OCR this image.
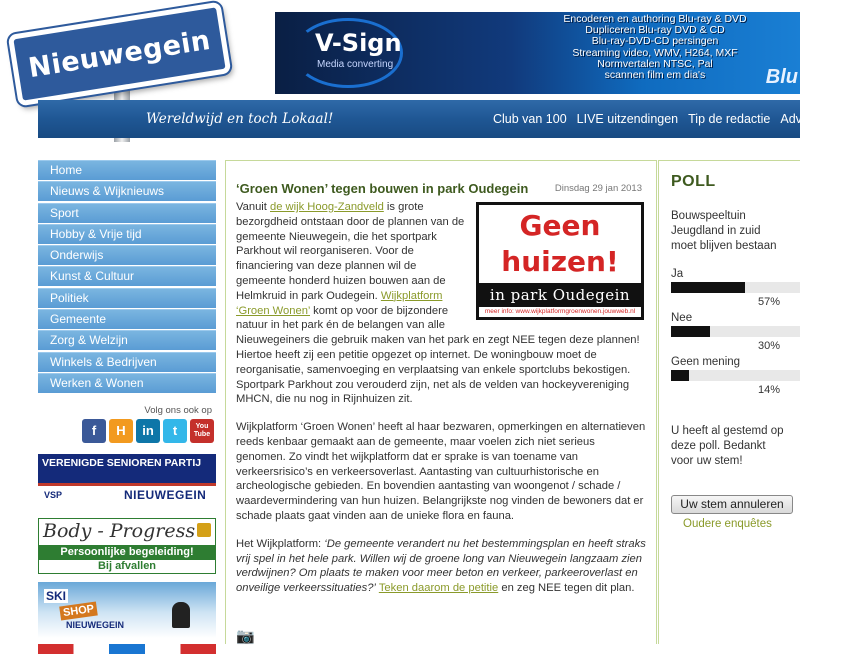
Nieuwegein	V-Sign
Media converting
Encoderen en authoring Blu-ray & DVD
Dupliceren Blu-ray DVD & CD
Blu-ray-DVD-CD persingen
Streaming video, WMV, H264, MXF
Normvertalen NTSC, Pal
scannen film em dia's	Blu
Wereldwijd en toch Lokaal!	Club van 100 LIVE uitzendingen Tip de redactie Adverteren
Home
Nieuws & Wijknieuws
Sport
Hobby & Vrije tijd
Onderwijs
Kunst & Cultuur
Politiek
Gemeente
Zorg & Welzijn
Winkels & Bedrijven
Werken & Wonen
Volg ons ook op
f	H	in	t	You Tube
VERENIGDE SENIOREN PARTIJ
VSP	NIEUWEGEIN
Body - Progress
Persoonlijke begeleiding!
Bij afvallen
SKI
SHOP
NIEUWEGEIN
‘Groen Wonen’ tegen bouwen in park Oudegein	Dinsdag 29 jan 2013
Geen
huizen!
in park Oudegein
meer info: www.wijkplatformgroenwonen.jouwweb.nl

Vanuit de wijk Hoog-Zandveld is grote bezorgdheid ontstaan door de plannen van de gemeente Nieuwegein, die het sportpark Parkhout wil reorganiseren. Voor de financiering van deze plannen wil de gemeente honderd huizen bouwen aan de Helmkruid in park Oudegein. Wijkplatform ‘Groen Wonen’ komt op voor de bijzondere natuur in het park én de belangen van alle Nieuwegeiners die gebruik maken van het park en zegt NEE tegen deze plannen! Hiertoe heeft zij een petitie opgezet op internet. De woningbouw moet de reorganisatie, samenvoeging en verplaatsing van enkele sportclubs bekostigen. Sportpark Parkhout zou verouderd zijn, net als de velden van hockeyvereniging MHCN, die nu nog in Rijnhuizen zit.

Wijkplatform ‘Groen Wonen’ heeft al haar bezwaren, opmerkingen en alternatieven reeds kenbaar gemaakt aan de gemeente, maar voelen zich niet serieus genomen. Zo vindt het wijkplatform dat er sprake is van toename van verkeersrisico’s en verkeersoverlast. Aantasting van cultuurhistorische en archeologische gebieden. En bovendien aantasting van woongenot / schade / waardevermindering van hun huizen. Belangrijkste nog vinden de bewoners dat er schade plaats gaat vinden aan de unieke flora en fauna.

Het Wijkplatform: ‘De gemeente verandert nu het bestemmingsplan en heeft straks vrij spel in het hele park. Willen wij de groene long van Nieuwegein langzaam zien verdwijnen? Om plaats te maken voor meer beton en verkeer, parkeeroverlast en onveilige verkeerssituaties?’ Teken daarom de petitie en zeg NEE tegen dit plan.

📷
POLL
Bouwspeeltuin Jeugdland in zuid moet blijven bestaan
Ja
57%
Nee
30%
Geen mening
14%
U heeft al gestemd op deze poll. Bedankt voor uw stem!
Uw stem annuleren
Oudere enquêtes
